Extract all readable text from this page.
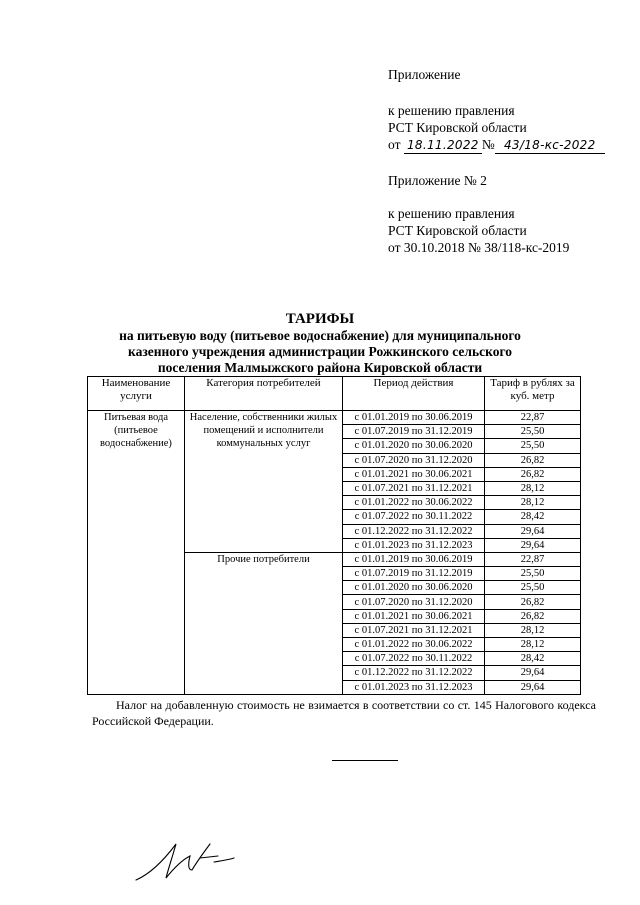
Приложение
к решению правления
РСТ Кировской области
от 18.11.2022 № 43/18-кс-2022
Приложение № 2
к решению правления
РСТ Кировской области
от 30.10.2018 № 38/118-кс-2019
ТАРИФЫ
на питьевую воду (питьевое водоснабжение) для муниципального
казенного учреждения администрации Рожкинского сельского
поселения Малмыжского района Кировской области
Наименование услуги	Категория потребителей	Период действия	Тариф в рублях за куб. метр
Питьевая вода (питьевое водоснабжение)	Население, собственники жилых помещений и исполнители коммунальных услуг	с 01.01.2019 по 30.06.2019	22,87
		с 01.07.2019 по 31.12.2019	25,50
		с 01.01.2020 по 30.06.2020	25,50
		с 01.07.2020 по 31.12.2020	26,82
		с 01.01.2021 по 30.06.2021	26,82
		с 01.07.2021 по 31.12.2021	28,12
		с 01.01.2022 по 30.06.2022	28,12
		с 01.07.2022 по 30.11.2022	28,42
		с 01.12.2022 по 31.12.2022	29,64
		с 01.01.2023 по 31.12.2023	29,64
	Прочие потребители	с 01.01.2019 по 30.06.2019	22,87
		с 01.07.2019 по 31.12.2019	25,50
		с 01.01.2020 по 30.06.2020	25,50
		с 01.07.2020 по 31.12.2020	26,82
		с 01.01.2021 по 30.06.2021	26,82
		с 01.07.2021 по 31.12.2021	28,12
		с 01.01.2022 по 30.06.2022	28,12
		с 01.07.2022 по 30.11.2022	28,42
		с 01.12.2022 по 31.12.2022	29,64
		с 01.01.2023 по 31.12.2023	29,64
Налог на добавленную стоимость не взимается в соответствии со ст. 145 Налогового кодекса Российской Федерации.
